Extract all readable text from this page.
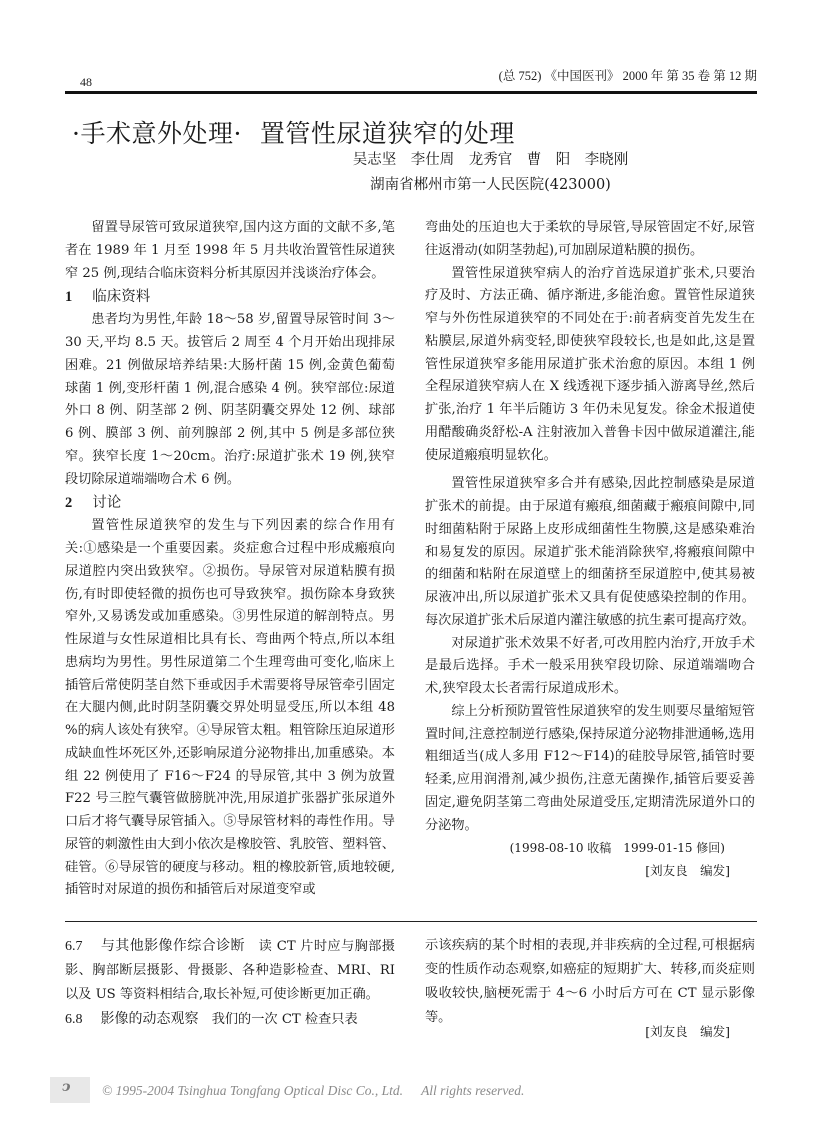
48	(总 752) 《中国医刊》 2000 年 第 35 卷 第 12 期
·手术意外处理· 置管性尿道狭窄的处理
吴志坚　李仕周　龙秀官　曹　阳　李晓刚
湖南省郴州市第一人民医院(423000)

留置导尿管可致尿道狭窄,国内这方面的文献不多,笔者在 1989 年 1 月至 1998 年 5 月共收治置管性尿道狭窄 25 例,现结合临床资料分析其原因并浅谈治疗体会。

1 临床资料

患者均为男性,年龄 18～58 岁,留置导尿管时间 3～30 天,平均 8.5 天。拔管后 2 周至 4 个月开始出现排尿困难。21 例做尿培养结果:大肠杆菌 15 例,金黄色葡萄球菌 1 例,变形杆菌 1 例,混合感染 4 例。狭窄部位:尿道外口 8 例、阴茎部 2 例、阴茎阴囊交界处 12 例、球部 6 例、膜部 3 例、前列腺部 2 例,其中 5 例是多部位狭窄。狭窄长度 1～20cm。治疗:尿道扩张术 19 例,狭窄段切除尿道端端吻合术 6 例。

2 讨论

置管性尿道狭窄的发生与下列因素的综合作用有关:①感染是一个重要因素。炎症愈合过程中形成瘢痕向尿道腔内突出致狭窄。②损伤。导尿管对尿道粘膜有损伤,有时即使轻微的损伤也可导致狭窄。损伤除本身致狭窄外,又易诱发或加重感染。③男性尿道的解剖特点。男性尿道与女性尿道相比具有长、弯曲两个特点,所以本组患病均为男性。男性尿道第二个生理弯曲可变化,临床上插管后常使阴茎自然下垂或因手术需要将导尿管牵引固定在大腿内侧,此时阴茎阴囊交界处明显受压,所以本组 48 %的病人该处有狭窄。④导尿管太粗。粗管除压迫尿道形成缺血性坏死区外,还影响尿道分泌物排出,加重感染。本组 22 例使用了 F16～F24 的导尿管,其中 3 例为放置 F22 号三腔气囊管做膀胱冲洗,用尿道扩张器扩张尿道外口后才将气囊导尿管插入。⑤导尿管材料的毒性作用。导尿管的刺激性由大到小依次是橡胶管、乳胶管、塑料管、硅管。⑥导尿管的硬度与移动。粗的橡胶新管,质地较硬,插管时对尿道的损伤和插管后对尿道变窄或

弯曲处的压迫也大于柔软的导尿管,导尿管固定不好,尿管往返滑动(如阴茎勃起),可加剧尿道粘膜的损伤。

置管性尿道狭窄病人的治疗首选尿道扩张术,只要治疗及时、方法正确、循序渐进,多能治愈。置管性尿道狭窄与外伤性尿道狭窄的不同处在于:前者病变首先发生在粘膜层,尿道外病变轻,即使狭窄段较长,也是如此,这是置管性尿道狭窄多能用尿道扩张术治愈的原因。本组 1 例全程尿道狭窄病人在 X 线透视下逐步插入游离导丝,然后扩张,治疗 1 年半后随访 3 年仍未见复发。徐金术报道使用醋酸确炎舒松-A 注射液加入普鲁卡因中做尿道灌注,能使尿道瘢痕明显软化。

置管性尿道狭窄多合并有感染,因此控制感染是尿道扩张术的前提。由于尿道有瘢痕,细菌藏于瘢痕间隙中,同时细菌粘附于尿路上皮形成细菌性生物膜,这是感染难治和易复发的原因。尿道扩张术能消除狭窄,将瘢痕间隙中的细菌和粘附在尿道壁上的细菌挤至尿道腔中,使其易被尿液冲出,所以尿道扩张术又具有促使感染控制的作用。每次尿道扩张术后尿道内灌注敏感的抗生素可提高疗效。

对尿道扩张术效果不好者,可改用腔内治疗,开放手术是最后选择。手术一般采用狭窄段切除、尿道端端吻合术,狭窄段太长者需行尿道成形术。

综上分析预防置管性尿道狭窄的发生则要尽量缩短管置时间,注意控制逆行感染,保持尿道分泌物排泄通畅,选用粗细适当(成人多用 F12～F14)的硅胶导尿管,插管时要轻柔,应用润滑剂,减少损伤,注意无菌操作,插管后要妥善固定,避免阴茎第二弯曲处尿道受压,定期清洗尿道外口的分泌物。

(1998-08-10 收稿　1999-01-15 修回)
[刘友良　编发]

6.7 与其他影像作综合诊断　 读 CT 片时应与胸部摄影、胸部断层摄影、骨摄影、各种造影检查、MRI、RI 以及 US 等资料相结合,取长补短,可使诊断更加正确。

6.8 影像的动态观察　 我们的一次 CT 检查只表

示该疾病的某个时相的表现,并非疾病的全过程,可根据病变的性质作动态观察,如癌症的短期扩大、转移,而炎症则吸收较快,脑梗死需于 4～6 小时后方可在 CT 显示影像等。

[刘友良　编发]
ↄ © 1995-2004 Tsinghua Tongfang Optical Disc Co., Ltd. All rights reserved.
